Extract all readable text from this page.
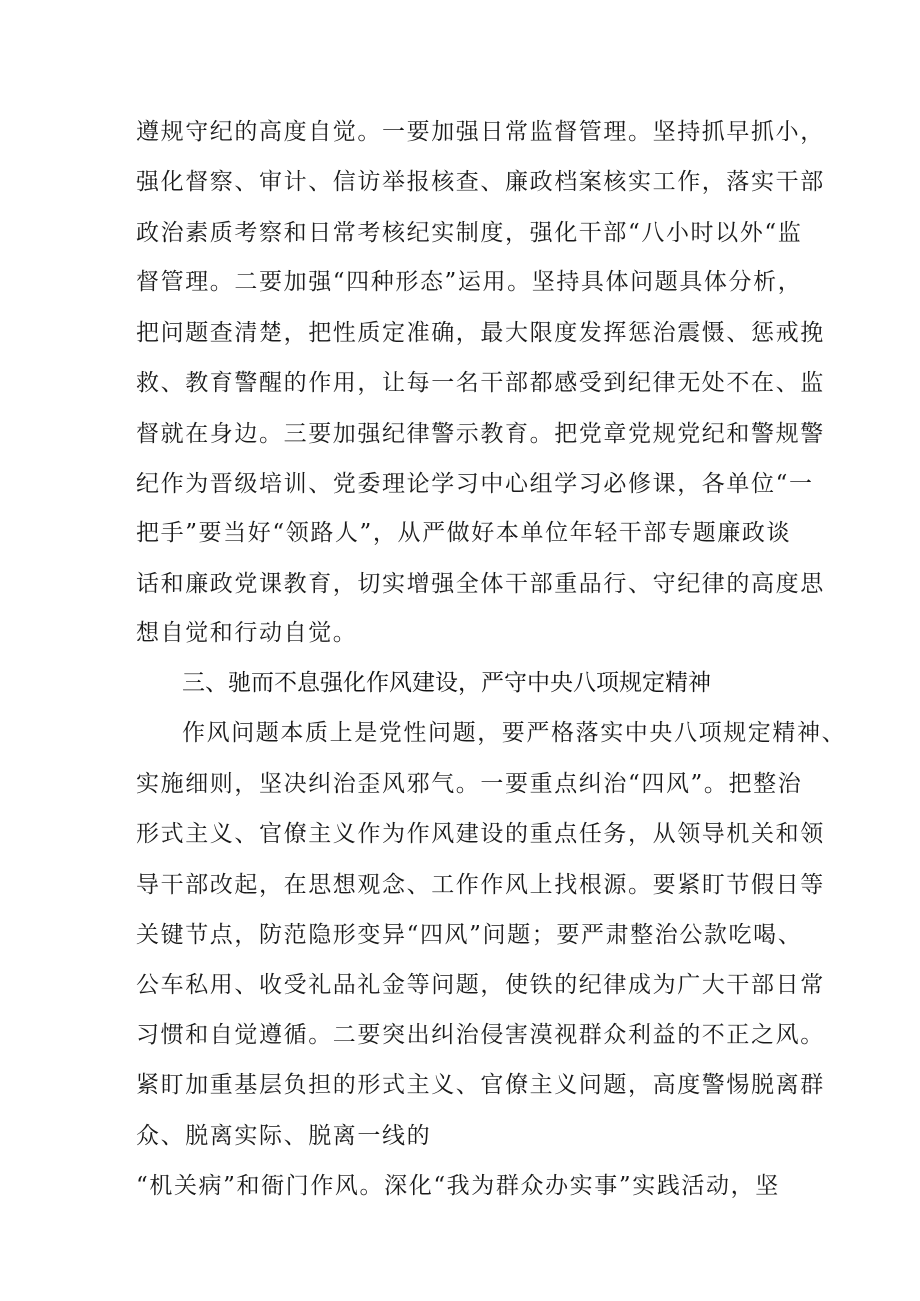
遵规守纪的高度自觉。一要加强日常监督管理。坚持抓早抓小，
强化督察、审计、信访举报核查、廉政档案核实工作，落实干部
政治素质考察和日常考核纪实制度，强化干部“八小时以外“监
督管理。二要加强“四种形态”运用。坚持具体问题具体分析，
把问题查清楚，把性质定准确，最大限度发挥惩治震慑、惩戒挽
救、教育警醒的作用，让每一名干部都感受到纪律无处不在、监
督就在身边。三要加强纪律警示教育。把党章党规党纪和警规警
纪作为晋级培训、党委理论学习中心组学习必修课，各单位“一
把手”要当好“领路人”，从严做好本单位年轻干部专题廉政谈
话和廉政党课教育，切实增强全体干部重品行、守纪律的高度思
想自觉和行动自觉。
三、驰而不息强化作风建设，严守中央八项规定精神
作风问题本质上是党性问题，要严格落实中央八项规定精神、
实施细则，坚决纠治歪风邪气。一要重点纠治“四风”。把整治
形式主义、官僚主义作为作风建设的重点任务，从领导机关和领
导干部改起，在思想观念、工作作风上找根源。要紧盯节假日等
关键节点，防范隐形变异“四风”问题；要严肃整治公款吃喝、
公车私用、收受礼品礼金等问题，使铁的纪律成为广大干部日常
习惯和自觉遵循。二要突出纠治侵害漠视群众利益的不正之风。
紧盯加重基层负担的形式主义、官僚主义问题，高度警惕脱离群
众、脱离实际、脱离一线的
“机关病”和衙门作风。深化“我为群众办实事”实践活动，坚
